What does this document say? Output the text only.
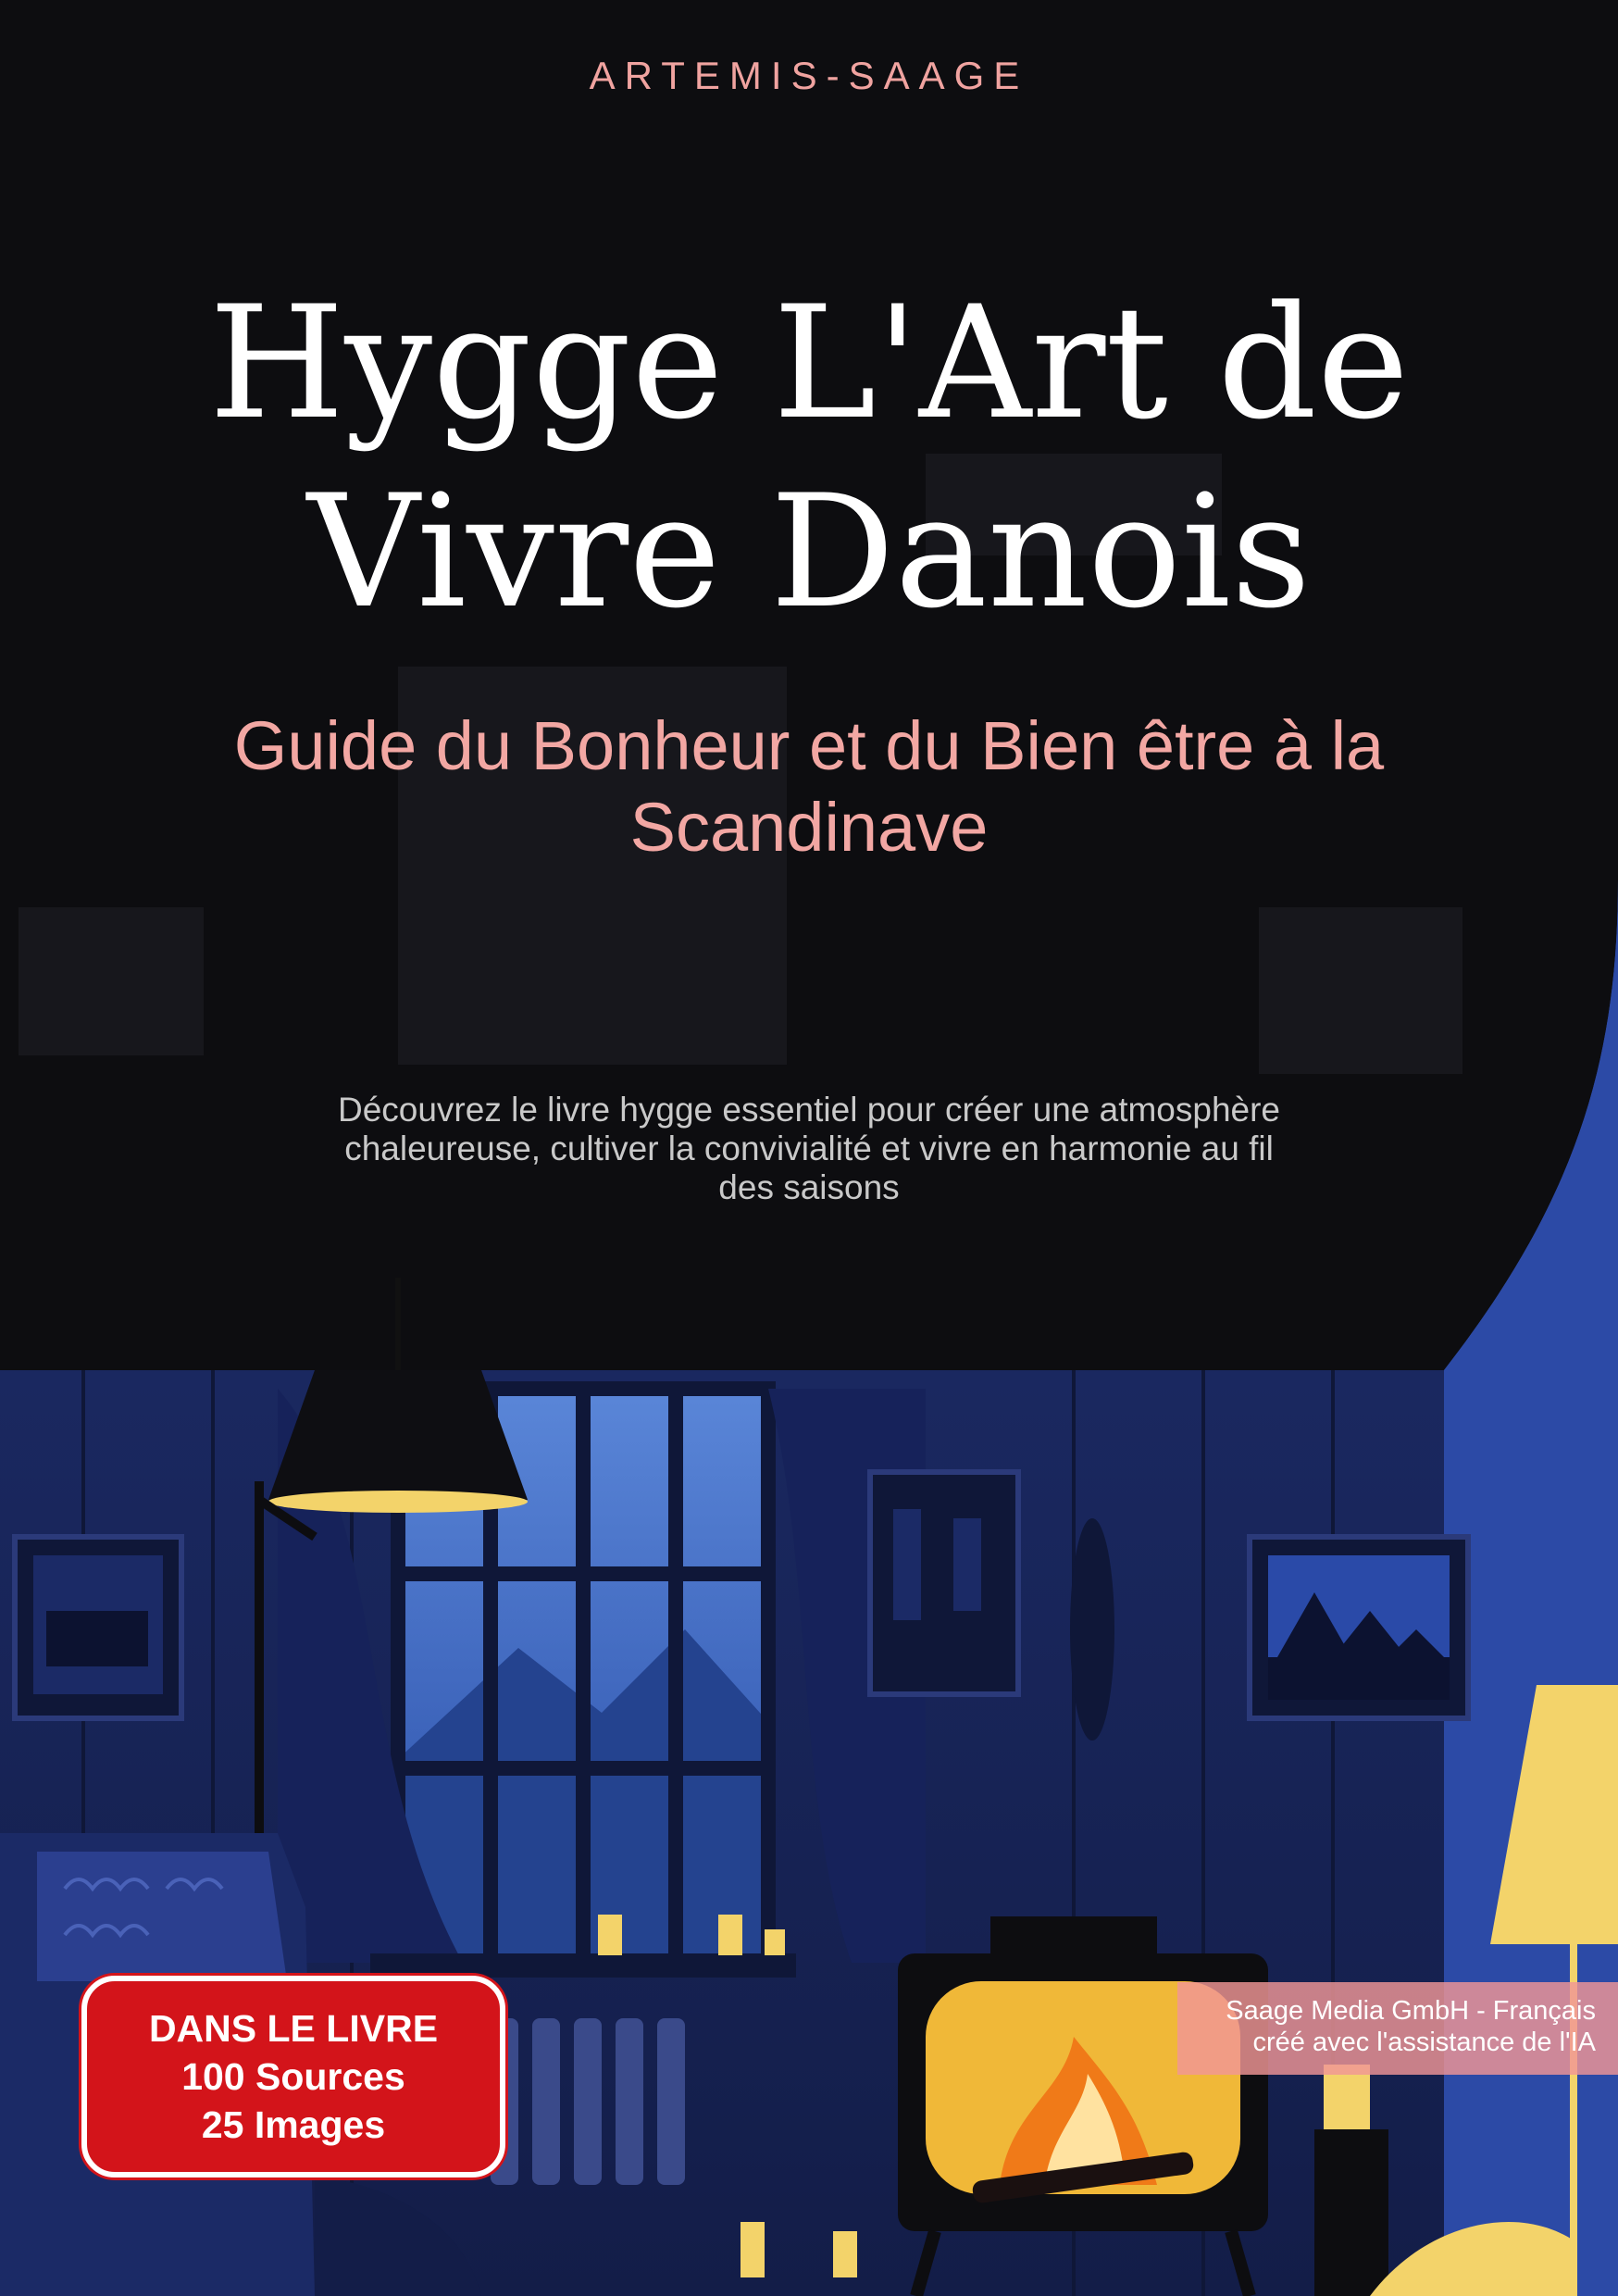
ARTEMIS-SAAGE
Hygge L'Art de
Vivre Danois
Guide du Bonheur et du Bien être à la
Scandinave
Découvrez le livre hygge essentiel pour créer une atmosphère
chaleureuse, cultiver la convivialité et vivre en harmonie au fil
des saisons
DANS LE LIVRE
100 Sources
25 Images
Saage Media GmbH - Français
créé avec l'assistance de l'IA
